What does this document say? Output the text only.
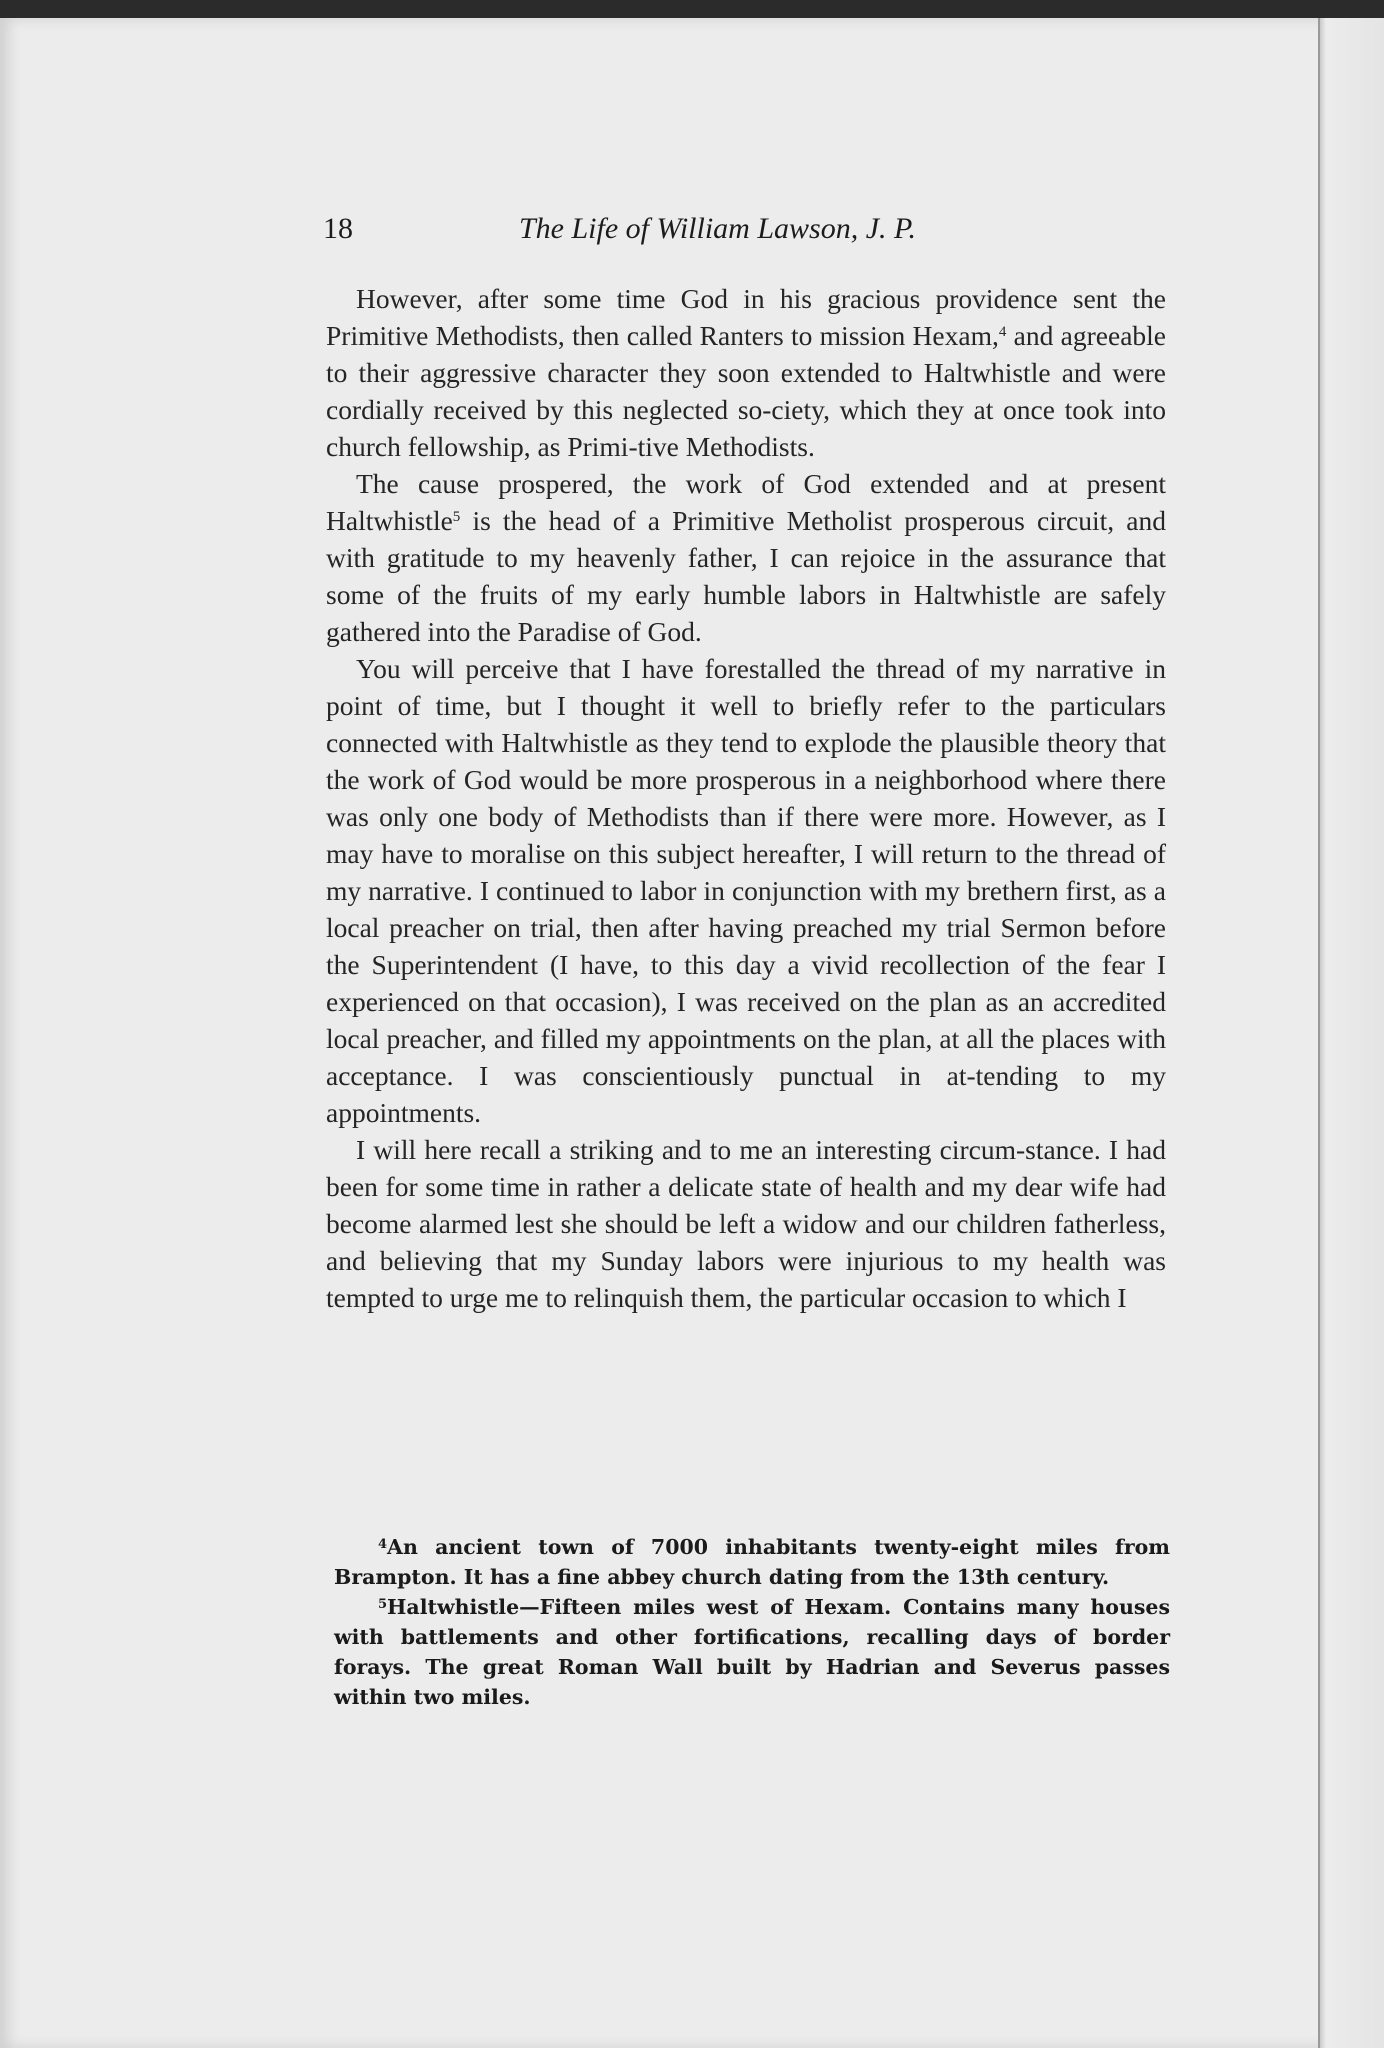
18	The Life of William Lawson, J. P.

However, after some time God in his gracious providence sent the Primitive Methodists, then called Ranters to mission Hexam,$^4$ and agreeable to their aggressive character they soon extended to Haltwhistle and were cordially received by this neglected so-ciety, which they at once took into church fellowship, as Primi-tive Methodists.

The cause prospered, the work of God extended and at present Haltwhistle$^5$ is the head of a Primitive Metholist prosperous circuit, and with gratitude to my heavenly father, I can rejoice in the assurance that some of the fruits of my early humble labors in Haltwhistle are safely gathered into the Paradise of God.

You will perceive that I have forestalled the thread of my narrative in point of time, but I thought it well to briefly refer to the particulars connected with Haltwhistle as they tend to explode the plausible theory that the work of God would be more prosperous in a neighborhood where there was only one body of Methodists than if there were more. However, as I may have to moralise on this subject hereafter, I will return to the thread of my narrative. I continued to labor in conjunction with my brethern first, as a local preacher on trial, then after having preached my trial Sermon before the Superintendent (I have, to this day a vivid recollection of the fear I experienced on that occasion), I was received on the plan as an accredited local preacher, and filled my appointments on the plan, at all the places with acceptance. I was conscientiously punctual in at-tending to my appointments.

I will here recall a striking and to me an interesting circum-stance. I had been for some time in rather a delicate state of health and my dear wife had become alarmed lest she should be left a widow and our children fatherless, and believing that my Sunday labors were injurious to my health was tempted to urge me to relinquish them, the particular occasion to which I

$^4$An ancient town of 7000 inhabitants twenty-eight miles from Brampton. It has a fine abbey church dating from the 13th century.

$^5$Haltwhistle—Fifteen miles west of Hexam. Contains many houses with battlements and other fortifications, recalling days of border forays. The great Roman Wall built by Hadrian and Severus passes within two miles.
